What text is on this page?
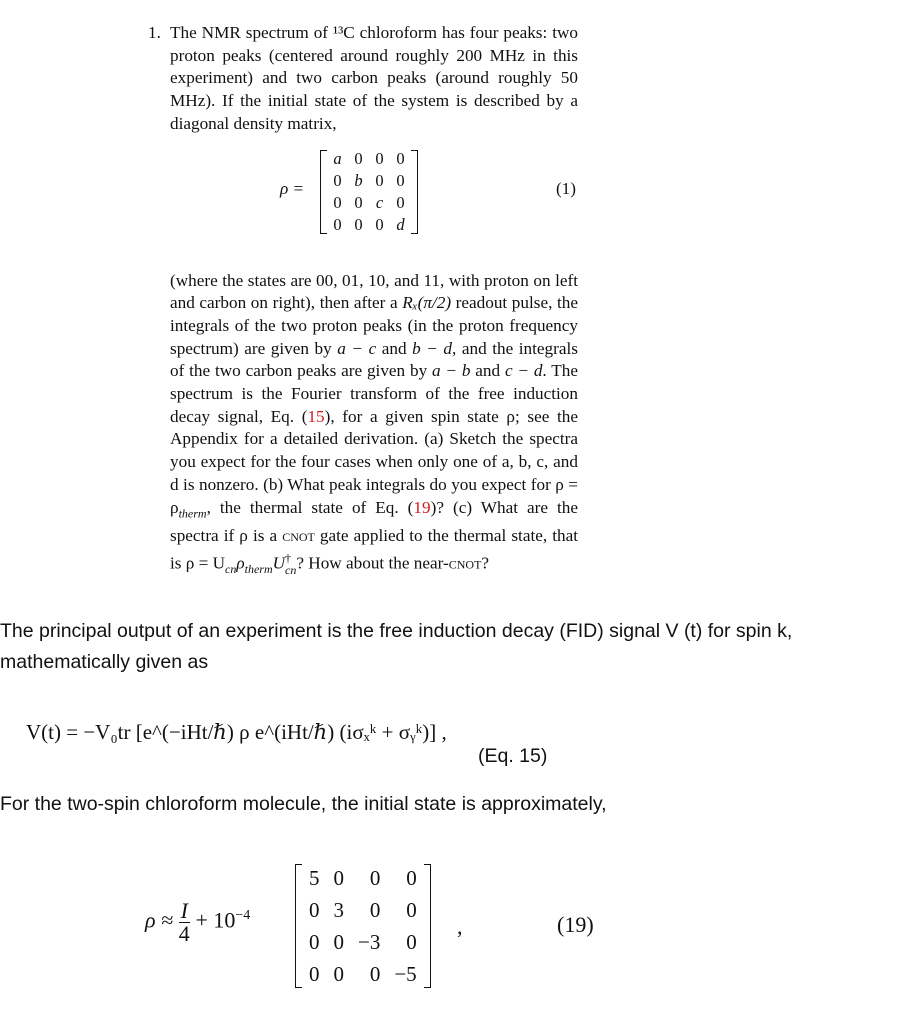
1. The NMR spectrum of ¹³C chloroform has four peaks: two proton peaks (centered around roughly 200 MHz in this experiment) and two carbon peaks (around roughly 50 MHz). If the initial state of the system is described by a diagonal density matrix,

ρ =
a	0	0	0
0	b	0	0
0	0	c	0
0	0	0	d
(1)

(where the states are 00, 01, 10, and 11, with proton on left and carbon on right), then after a Rₓ(π/2) readout pulse, the integrals of the two proton peaks (in the proton frequency spectrum) are given by a − c and b − d, and the integrals of the two carbon peaks are given by a − b and c − d. The spectrum is the Fourier transform of the free induction decay signal, Eq. (15), for a given spin state ρ; see the Appendix for a detailed derivation. (a) Sketch the spectra you expect for the four cases when only one of a, b, c, and d is nonzero. (b) What peak integrals do you expect for $\rho = \rho_{therm}$, the thermal state of Eq. (19)? (c) What are the spectra if ρ is a cnot gate applied to the thermal state, that is $\rho = U_{cn}\rho_{therm}U^\dagger_{cn}$? How about the near-cnot?

The principal output of an experiment is the free induction decay (FID) signal V (t) for spin k, mathematically given as
V(t) = −V₀tr [e^(−iHt/ℏ) ρ e^(iHt/ℏ) (iσₓᵏ + σᵧᵏ)] ,
(Eq. 15)
For the two-spin chloroform molecule, the initial state is approximately,
$\rho \approx \frac{I}{4} + 10^{-4}$
5	0	0	0
0	3	0	0
0	0	−3	0
0	0	0	−5
,	(19)
